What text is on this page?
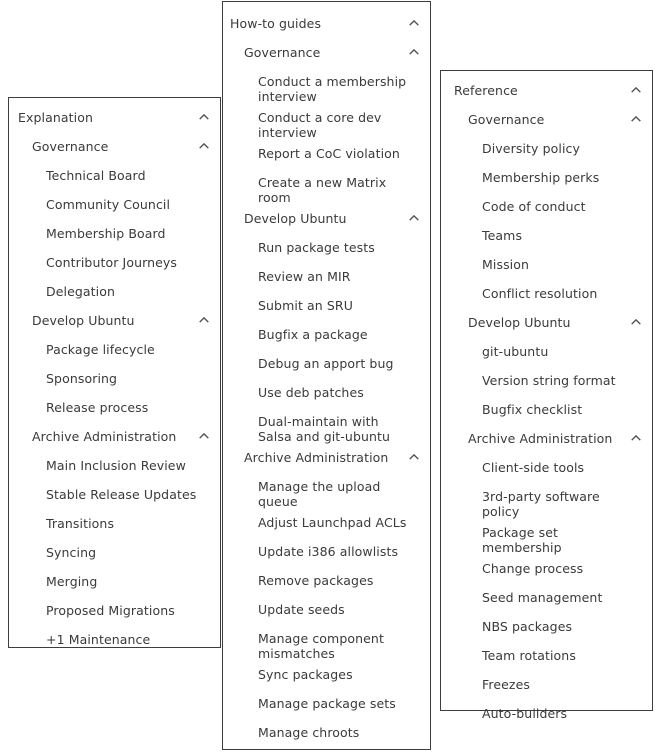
Explanation
Governance
Technical Board
Community Council
Membership Board
Contributor Journeys
Delegation
Develop Ubuntu
Package lifecycle
Sponsoring
Release process
Archive Administration
Main Inclusion Review
Stable Release Updates
Transitions
Syncing
Merging
Proposed Migrations
+1 Maintenance
How-to guides
Governance
Conduct a membership interview
Conduct a core dev interview
Report a CoC violation
Create a new Matrix room
Develop Ubuntu
Run package tests
Review an MIR
Submit an SRU
Bugfix a package
Debug an apport bug
Use deb patches
Dual-maintain with Salsa and git-ubuntu
Archive Administration
Manage the upload queue
Adjust Launchpad ACLs
Update i386 allowlists
Remove packages
Update seeds
Manage component mismatches
Sync packages
Manage package sets
Manage chroots
Reference
Governance
Diversity policy
Membership perks
Code of conduct
Teams
Mission
Conflict resolution
Develop Ubuntu
git-ubuntu
Version string format
Bugfix checklist
Archive Administration
Client-side tools
3rd-party software policy
Package set membership
Change process
Seed management
NBS packages
Team rotations
Freezes
Auto-builders
